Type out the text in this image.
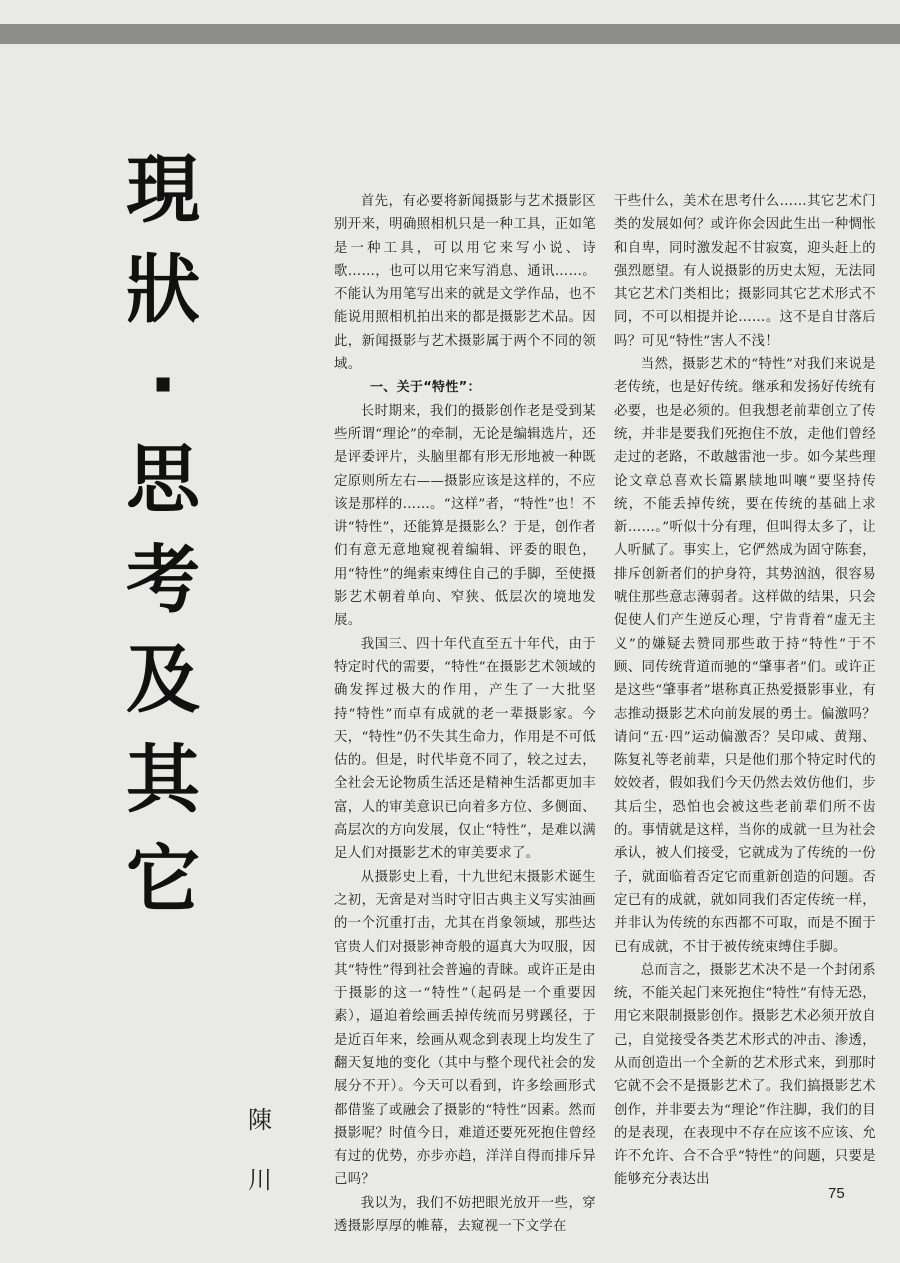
現
狀
·
思
考
及
其
它
陳
川

首先，有必要将新闻摄影与艺术摄影区别开来，明确照相机只是一种工具，正如笔是一种工具，可以用它来写小说、诗歌……，也可以用它来写消息、通讯……。不能认为用笔写出来的就是文学作品，也不能说用照相机拍出来的都是摄影艺术品。因此，新闻摄影与艺术摄影属于两个不同的领域。

一、关于“特性”：

长时期来，我们的摄影创作老是受到某些所谓“理论”的牵制，无论是编辑选片，还是评委评片，头脑里都有形无形地被一种既定原则所左右——摄影应该是这样的，不应该是那样的……。“这样”者，“特性”也！不讲“特性”，还能算是摄影么？于是，创作者们有意无意地窥视着编辑、评委的眼色，用“特性”的绳索束缚住自己的手脚，至使摄影艺术朝着单向、窄狭、低层次的境地发展。

我国三、四十年代直至五十年代，由于特定时代的需要，“特性”在摄影艺术领域的确发挥过极大的作用，产生了一大批坚持“特性”而卓有成就的老一辈摄影家。今天，“特性”仍不失其生命力，作用是不可低估的。但是，时代毕竟不同了，较之过去，全社会无论物质生活还是精神生活都更加丰富，人的审美意识已向着多方位、多侧面、高层次的方向发展，仅止“特性”，是难以满足人们对摄影艺术的审美要求了。

从摄影史上看，十九世纪末摄影术诞生之初，无啻是对当时守旧古典主义写实油画的一个沉重打击，尤其在肖象领域，那些达官贵人们对摄影神奇般的逼真大为叹服，因其“特性”得到社会普遍的青睐。或许正是由于摄影的这一“特性”（起码是一个重要因素），逼迫着绘画丢掉传统而另劈蹊径，于是近百年来，绘画从观念到表现上均发生了翻天复地的变化（其中与整个现代社会的发展分不开）。今天可以看到，许多绘画形式都借鉴了或融会了摄影的“特性”因素。然而摄影呢？时值今日，难道还要死死抱住曾经有过的优势，亦步亦趋，洋洋自得而排斥异己吗？

我以为，我们不妨把眼光放开一些，穿透摄影厚厚的帷幕，去窥视一下文学在

干些什么，美术在思考什么……其它艺术门类的发展如何？或许你会因此生出一种惆怅和自卑，同时激发起不甘寂寞，迎头赶上的强烈愿望。有人说摄影的历史太短，无法同其它艺术门类相比；摄影同其它艺术形式不同，不可以相提并论……。这不是自甘落后吗？可见“特性”害人不浅！

当然，摄影艺术的“特性”对我们来说是老传统，也是好传统。继承和发扬好传统有必要，也是必须的。但我想老前辈创立了传统，并非是要我们死抱住不放，走他们曾经走过的老路，不敢越雷池一步。如今某些理论文章总喜欢长篇累牍地叫嚷“要坚持传统，不能丢掉传统，要在传统的基础上求新……。”听似十分有理，但叫得太多了，让人听腻了。事实上，它俨然成为固守陈套，排斥创新者们的护身符，其势汹汹，很容易唬住那些意志薄弱者。这样做的结果，只会促使人们产生逆反心理，宁肯背着“虚无主义”的嫌疑去赞同那些敢于持“特性”于不顾、同传统背道而驰的“肇事者”们。或许正是这些“肇事者”堪称真正热爱摄影事业，有志推动摄影艺术向前发展的勇士。偏激吗？请问“五·四”运动偏激否？吴印咸、黄翔、陈复礼等老前辈，只是他们那个特定时代的姣姣者，假如我们今天仍然去效仿他们，步其后尘，恐怕也会被这些老前辈们所不齿的。事情就是这样，当你的成就一旦为社会承认，被人们接受，它就成为了传统的一份子，就面临着否定它而重新创造的问题。否定已有的成就，就如同我们否定传统一样，并非认为传统的东西都不可取，而是不囿于已有成就，不甘于被传统束缚住手脚。

总而言之，摄影艺术决不是一个封闭系统，不能关起门来死抱住“特性”有恃无恐，用它来限制摄影创作。摄影艺术必须开放自己，自觉接受各类艺术形式的冲击、渗透，从而创造出一个全新的艺术形式来，到那时它就不会不是摄影艺术了。我们搞摄影艺术创作，并非要去为“理论”作注脚，我们的目的是表现，在表现中不存在应该不应该、允许不允许、合不合乎“特性”的问题，只要是能够充分表达出

75
